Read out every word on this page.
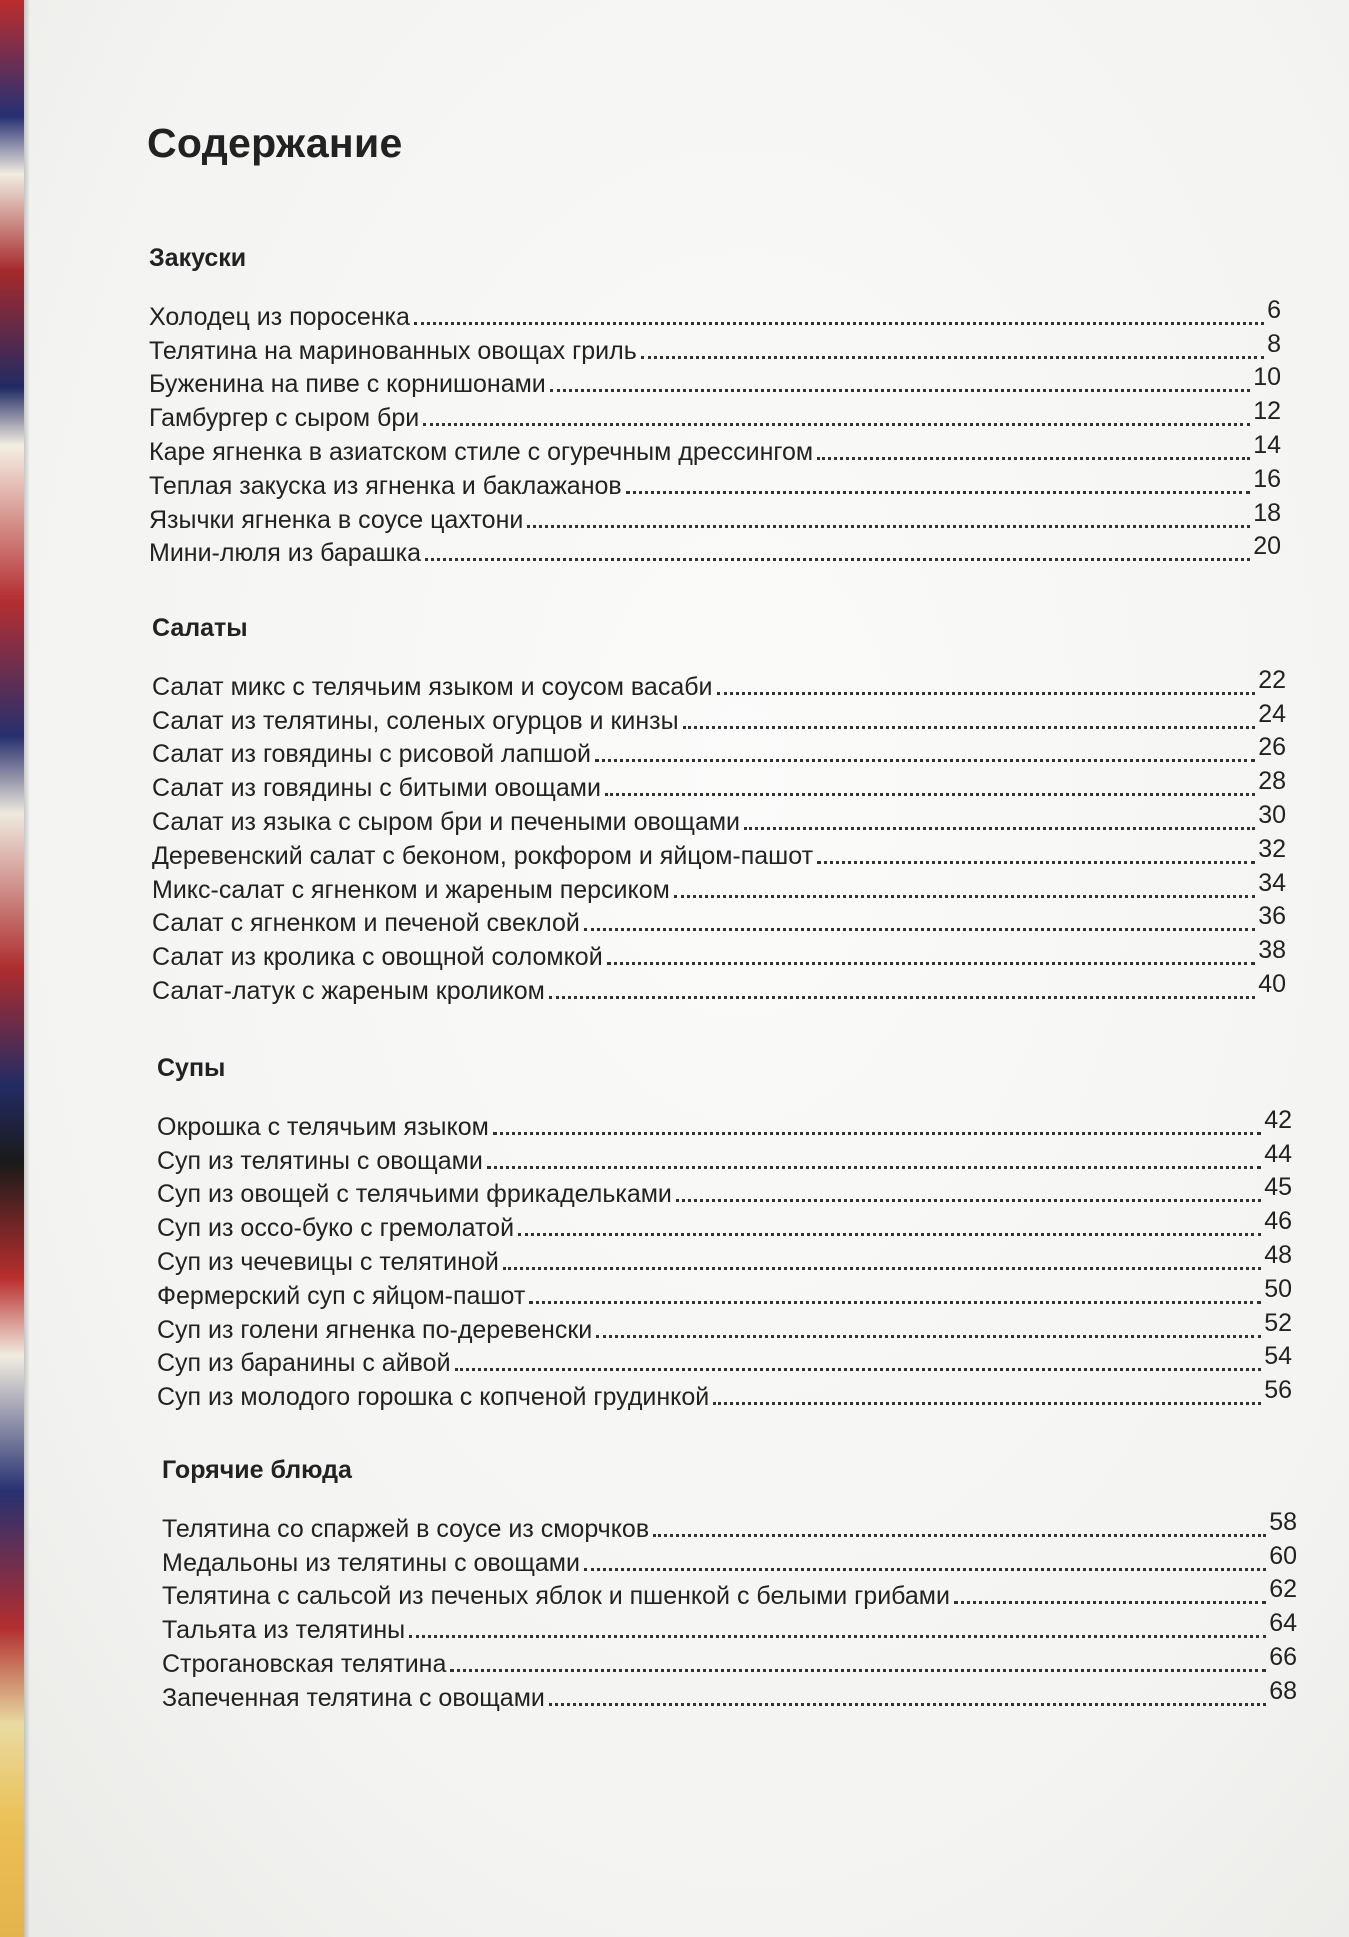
Содержание
Закуски
Холодец из поросенка	6
Телятина на маринованных овощах гриль	8
Буженина на пиве с корнишонами	10
Гамбургер с сыром бри	12
Каре ягненка в азиатском стиле с огуречным дрессингом	14
Теплая закуска из ягненка и баклажанов	16
Язычки ягненка в соусе цахтони	18
Мини-люля из барашка	20
Салаты
Салат микс с телячьим языком и соусом васаби	22
Салат из телятины, соленых огурцов и кинзы	24
Салат из говядины с рисовой лапшой	26
Салат из говядины с битыми овощами	28
Салат из языка с сыром бри и печеными овощами	30
Деревенский салат с беконом, рокфором и яйцом-пашот	32
Микс-салат с ягненком и жареным персиком	34
Салат с ягненком и печеной свеклой	36
Салат из кролика с овощной соломкой	38
Салат-латук с жареным кроликом	40
Супы
Окрошка с телячьим языком	42
Суп из телятины с овощами	44
Суп из овощей с телячьими фрикадельками	45
Суп из оссо-буко с гремолатой	46
Суп из чечевицы с телятиной	48
Фермерский суп с яйцом-пашот	50
Суп из голени ягненка по-деревенски	52
Суп из баранины с айвой	54
Суп из молодого горошка с копченой грудинкой	56
Горячие блюда
Телятина со спаржей в соусе из сморчков	58
Медальоны из телятины с овощами	60
Телятина с сальсой из печеных яблок и пшенкой с белыми грибами	62
Тальята из телятины	64
Строгановская телятина	66
Запеченная телятина с овощами	68
